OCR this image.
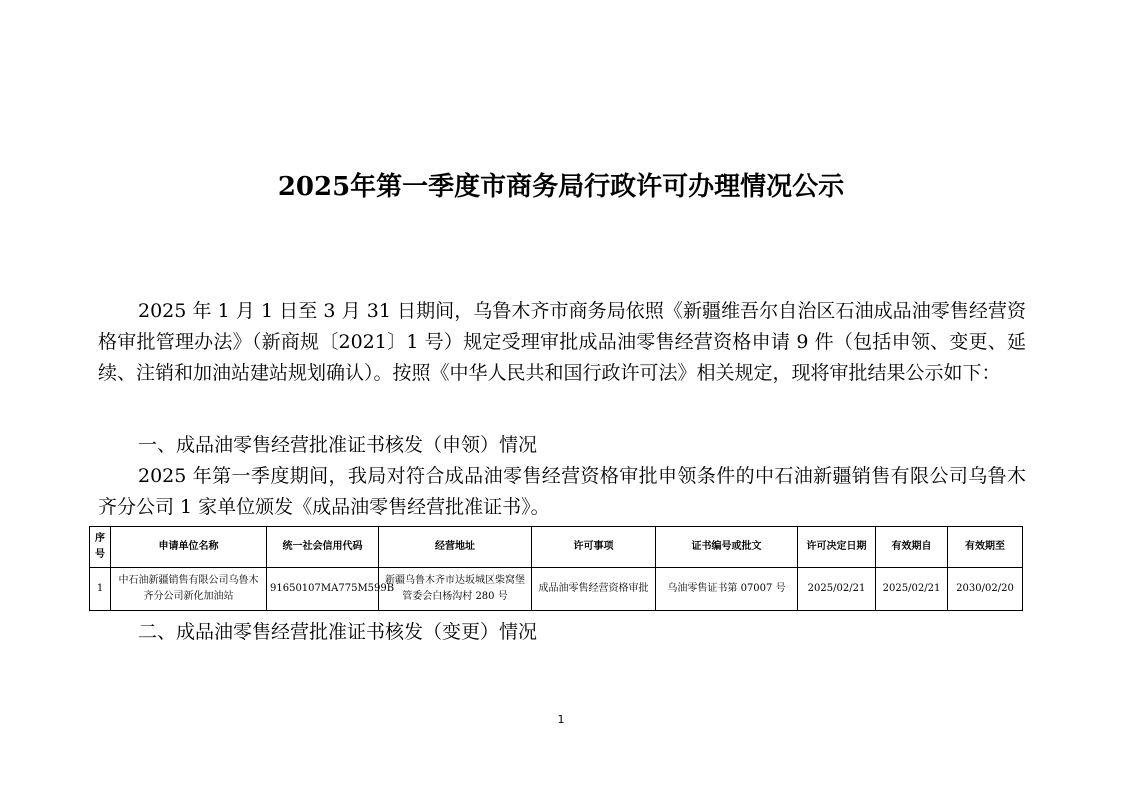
2025年第一季度市商务局行政许可办理情况公示
2025 年 1 月 1 日至 3 月 31 日期间，乌鲁木齐市商务局依照《新疆维吾尔自治区石油成品油零售经营资格审批管理办法》（新商规〔2021〕1 号）规定受理审批成品油零售经营资格申请 9 件（包括申领、变更、延续、注销和加油站建站规划确认）。按照《中华人民共和国行政许可法》相关规定，现将审批结果公示如下：
一、成品油零售经营批准证书核发（申领）情况
2025 年第一季度期间，我局对符合成品油零售经营资格审批申领条件的中石油新疆销售有限公司乌鲁木齐分公司 1 家单位颁发《成品油零售经营批准证书》。
序号	申请单位名称	统一社会信用代码	经营地址	许可事项	证书编号或批文	许可决定日期	有效期自	有效期至
1	中石油新疆销售有限公司乌鲁木齐分公司新化加油站	91650107MA775M599B	新疆乌鲁木齐市达坂城区柴窝堡管委会白杨沟村 280 号	成品油零售经营资格审批	乌油零售证书第 07007 号	2025/02/21	2025/02/21	2030/02/20
二、成品油零售经营批准证书核发（变更）情况
1
